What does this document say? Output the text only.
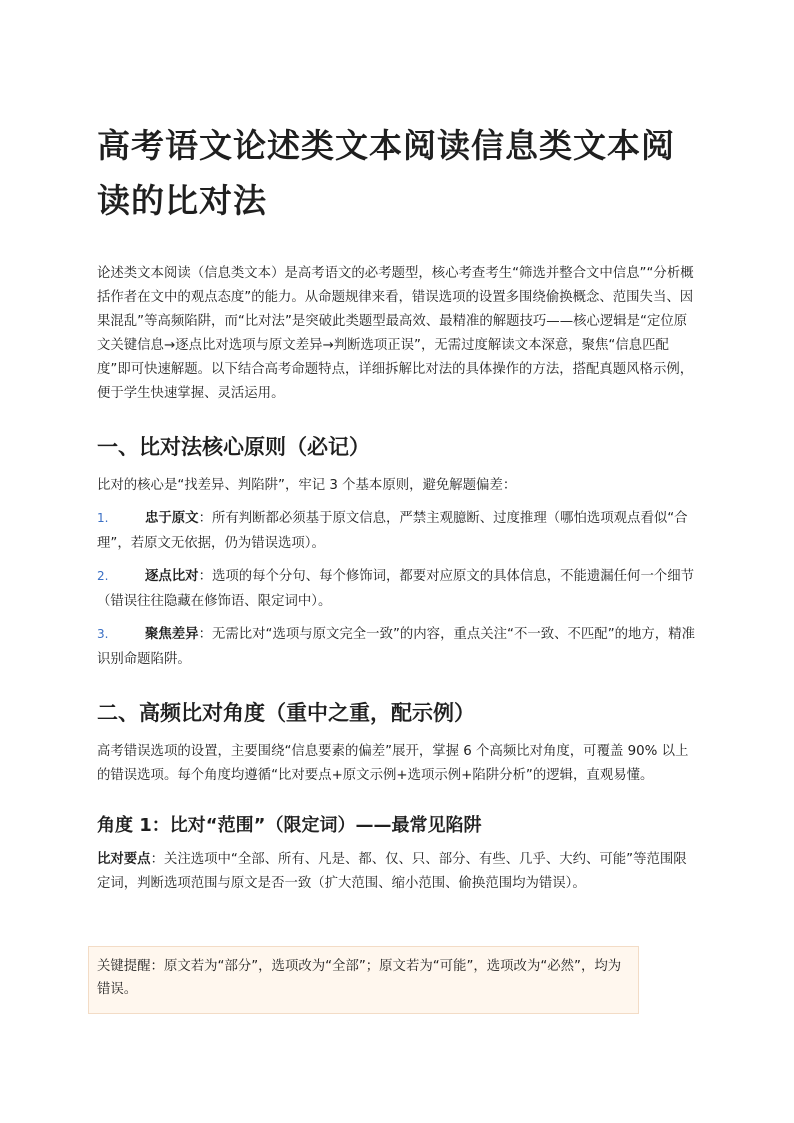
高考语文论述类文本阅读信息类文本阅读的比对法

论述类文本阅读（信息类文本）是高考语文的必考题型，核心考查考生“筛选并整合文中信息”“分析概括作者在文中的观点态度”的能力。从命题规律来看，错误选项的设置多围绕偷换概念、范围失当、因果混乱”等高频陷阱，而“比对法”是突破此类题型最高效、最精准的解题技巧——核心逻辑是“定位原文关键信息→逐点比对选项与原文差异→判断选项正误”，无需过度解读文本深意，聚焦“信息匹配度”即可快速解题。以下结合高考命题特点，详细拆解比对法的具体操作的方法，搭配真题风格示例，便于学生快速掌握、灵活运用。

一、比对法核心原则（必记）

比对的核心是“找差异、判陷阱”，牢记 3 个基本原则，避免解题偏差：

1.	忠于原文：所有判断都必须基于原文信息，严禁主观臆断、过度推理（哪怕选项观点看似“合理”，若原文无依据，仍为错误选项）。
2.	逐点比对：选项的每个分句、每个修饰词，都要对应原文的具体信息，不能遗漏任何一个细节（错误往往隐藏在修饰语、限定词中）。
3.	聚焦差异：无需比对“选项与原文完全一致”的内容，重点关注“不一致、不匹配”的地方，精准识别命题陷阱。
二、高频比对角度（重中之重，配示例）

高考错误选项的设置，主要围绕“信息要素的偏差”展开，掌握 6 个高频比对角度，可覆盖 90% 以上的错误选项。每个角度均遵循“比对要点+原文示例+选项示例+陷阱分析”的逻辑，直观易懂。

角度 1：比对“范围”（限定词）——最常见陷阱

比对要点：关注选项中“全部、所有、凡是、都、仅、只、部分、有些、几乎、大约、可能”等范围限定词，判断选项范围与原文是否一致（扩大范围、缩小范围、偷换范围均为错误）。

关键提醒：原文若为“部分”，选项改为“全部”；原文若为“可能”，选项改为“必然”，均为错误。
